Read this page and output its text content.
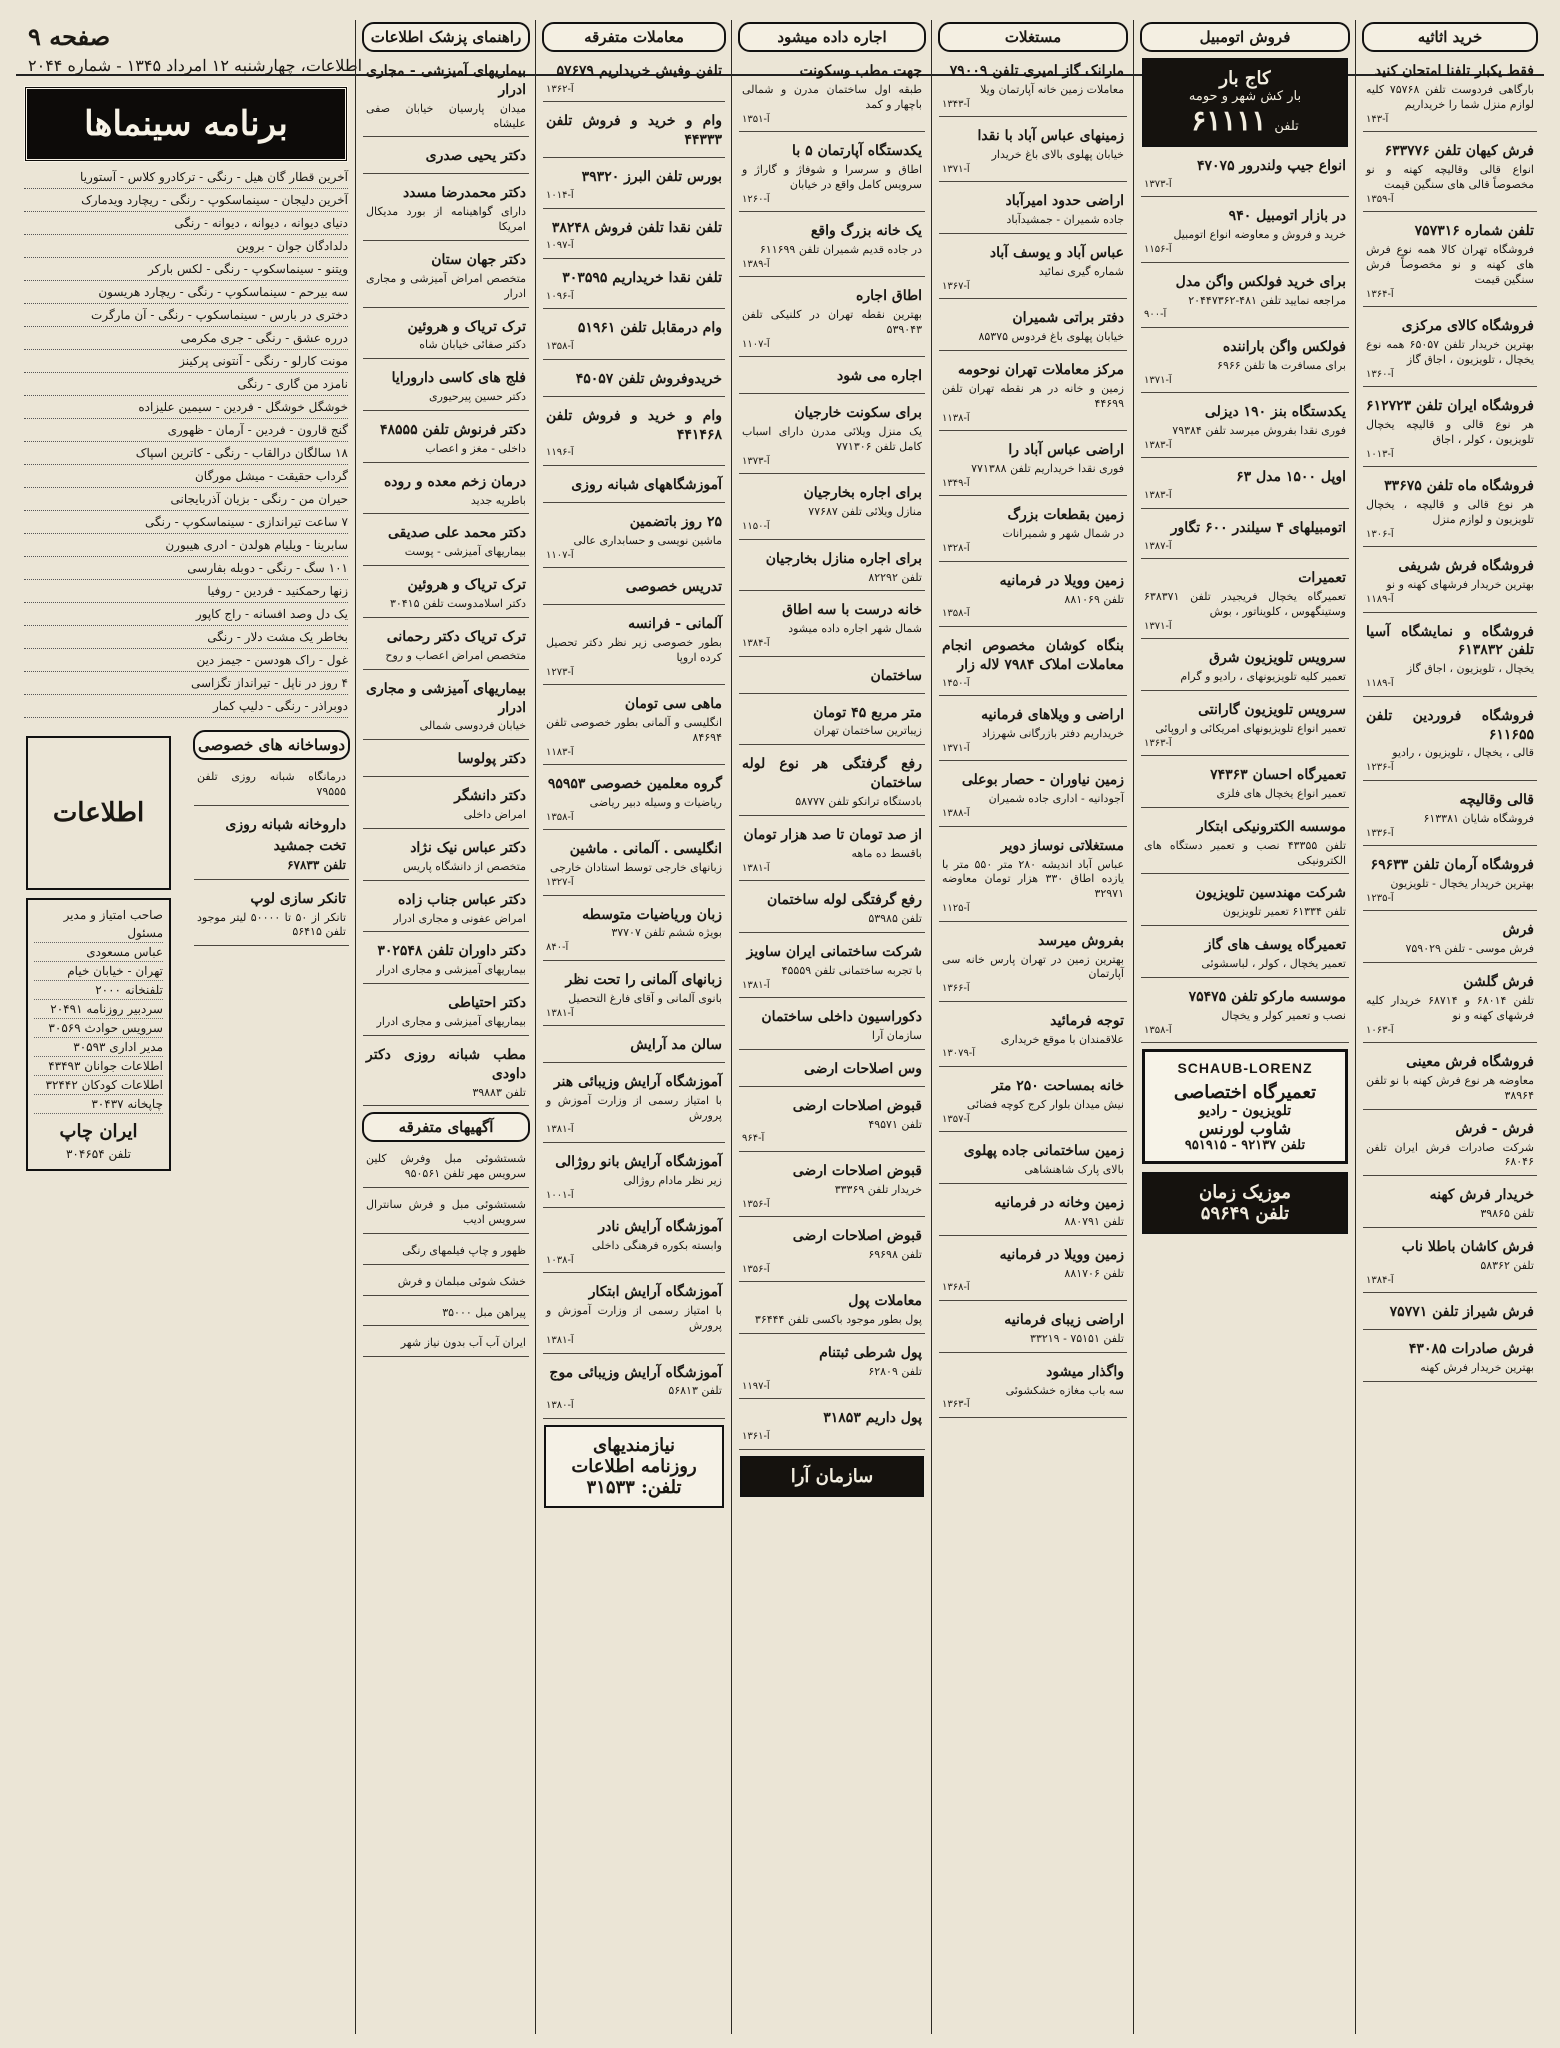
صفحه ۹
اطلاعات، چهارشنبه ۱۲ امرداد ۱۳۴۵ - شماره ۲۰۴۴
خرید اثاثیه
فقط یکبار تلفنا امتحان کنید
بارگاهی فردوست تلفن ۷۵۷۶۸ کلیه لوازم منزل شما را خریداریم
آ-۱۴۳
فرش کیهان تلفن ۶۳۳۷۷۶
انواع قالی وقالیچه کهنه و نو مخصوصاً قالی های سنگین قیمت
آ-۱۳۵۹
تلفن شماره ۷۵۷۳۱۶
فروشگاه تهران کالا همه نوع فرش های کهنه و نو مخصوصاً فرش سنگین قیمت
آ-۱۳۶۴
فروشگاه کالای مرکزی
بهترین خریدار تلفن ۶۵۰۵۷ همه نوع یخچال ، تلویزیون ، اجاق گاز
آ-۱۳۶۰
فروشگاه ایران تلفن ۶۱۲۷۲۳
هر نوع قالی و قالیچه یخچال تلویزیون ، کولر ، اجاق
آ-۱۰۱۳
فروشگاه ماه تلفن ۳۳۶۷۵
هر نوع قالی و قالیچه ، یخچال تلویزیون و لوازم منزل
آ-۱۳۰۶
فروشگاه فرش شریفی
بهترین خریدار فرشهای کهنه و نو
آ-۱۱۸۹
فروشگاه و نمایشگاه آسیا تلفن ۶۱۳۸۳۲
یخچال ، تلویزیون ، اجاق گاز
آ-۱۱۸۹
فروشگاه فروردین تلفن ۶۱۱۶۵۵
قالی ، یخچال ، تلویزیون ، رادیو
آ-۱۲۳۶
قالی وقالیچه
فروشگاه شایان ۶۱۳۳۸۱
آ-۱۳۳۶
فروشگاه آرمان تلفن ۶۹۶۳۳
بهترین خریدار یخچال - تلویزیون
آ-۱۲۳۵
فرش
فرش موسی - تلفن ۷۵۹۰۲۹
فرش گلشن
تلفن ۶۸۰۱۴ و ۶۸۷۱۴ خریدار کلیه فرشهای کهنه و نو
آ-۱۰۶۳
فروشگاه فرش معینی
معاوضه هر نوع فرش کهنه با نو تلفن ۳۸۹۶۴
فرش - فرش
شرکت صادرات فرش ایران تلفن ۶۸۰۴۶
خریدار فرش کهنه
تلفن ۳۹۸۶۵
فرش کاشان باطلا ناب
تلفن ۵۸۳۶۲
آ-۱۳۸۴
فرش شیراز تلفن ۷۵۷۷۱
فرش صادرات ۴۳۰۸۵
بهترین خریدار فرش کهنه
فروش اتومبیل
کاج بار
بار کش شهر و حومه
تلفن
۶۱۱۱۱
انواع جیپ ولندرور ۴۷۰۷۵
آ-۱۳۷۳
در بازار اتومبیل ۹۴۰
خرید و فروش و معاوضه انواع اتومبیل
آ-۱۱۵۶
برای خرید فولکس واگن مدل
مراجعه نمایید تلفن ۴۸۱-۲۰۴۴۷۳۶۲
آ-۹۰۰
فولکس واگن باراننده
برای مسافرت ها تلفن ۶۹۶۶
آ-۱۳۷۱
یکدستگاه بنز ۱۹۰ دیزلی
فوری نقدا بفروش میرسد تلفن ۷۹۳۸۴
آ-۱۳۸۳
اوپل ۱۵۰۰ مدل ۶۳
آ-۱۳۸۳
اتومبیلهای ۴ سیلندر ۶۰۰ تگاور
آ-۱۳۸۷
تعمیرات
تعمیرگاه یخچال فریجیدر تلفن ۶۳۸۳۷۱ وستینگهوس ، کلویناتور ، بوش
آ-۱۳۷۱
سرویس تلویزیون شرق
تعمیر کلیه تلویزیونهای ، رادیو و گرام
سرویس تلویزیون گارانتی
تعمیر انواع تلویزیونهای امریکائی و اروپائی
آ-۱۳۶۳
تعمیرگاه احسان ۷۴۳۶۳
تعمیر انواع یخچال های فلزی
موسسه الکترونیکی ابتکار
تلفن ۴۳۳۵۵ نصب و تعمیر دستگاه های الکترونیکی
شرکت مهندسین تلویزیون
تلفن ۶۱۳۳۴ تعمیر تلویزیون
تعمیرگاه یوسف های گاز
تعمیر یخچال ، کولر ، لباسشوئی
موسسه مارکو تلفن ۷۵۴۷۵
نصب و تعمیر کولر و یخچال
آ-۱۳۵۸
SCHAUB-LORENZ
تعمیرگاه اختصاصی
تلویزیون - رادیو
شاوب لورنس
تلفن ۹۲۱۳۷ - ۹۵۱۹۱۵
موزیک زمان
تلفن ۵۹۶۴۹
مستغلات
مارانک گاز امیری تلفن ۷۹۰۰۹
معاملات زمین خانه آپارتمان ویلا
آ-۱۳۴۳
زمینهای عباس آباد با نقدا
خیابان پهلوی بالای باغ خریدار
آ-۱۳۷۱
اراضی حدود امیرآباد
جاده شمیران - جمشیدآباد
عباس آباد و یوسف آباد
شماره گیری نمائید
آ-۱۳۶۷
دفتر براتی شمیران
خیابان پهلوی باغ فردوس ۸۵۳۷۵
مرکز معاملات تهران نوحومه
زمین و خانه در هر نقطه تهران تلفن ۴۴۶۹۹
آ-۱۱۳۸
اراضی عباس آباد را
فوری نقدا خریداریم تلفن ۷۷۱۳۸۸
آ-۱۳۴۹
زمین بقطعات بزرگ
در شمال شهر و شمیرانات
آ-۱۳۲۸
زمین وویلا در فرمانیه
تلفن ۸۸۱۰۶۹
آ-۱۳۵۸
بنگاه کوشان مخصوص انجام معاملات املاک ۷۹۸۴ لاله زار
آ-۱۴۵۰
اراضی و ویلاهای فرمانیه
خریداریم دفتر بازرگانی شهرزاد
آ-۱۳۷۱
زمین نیاوران - حصار بوعلی
آجودانیه - اداری جاده شمیران
آ-۱۳۸۸
مستغلاتی نوساز دویر
عباس آباد اندیشه ۲۸۰ متر ۵۵۰ متر با یازده اطاق ۳۳۰ هزار تومان معاوضه ۳۲۹۷۱
آ-۱۱۲۵
بفروش میرسد
بهترین زمین در تهران پارس خانه سی آپارتمان
آ-۱۳۶۶
توجه فرمائید
علاقمندان با موقع خریداری
آ-۱۳۰۷۹
خانه بمساحت ۲۵۰ متر
نیش میدان بلوار کرج کوچه فضائی
آ-۱۳۵۷
زمین ساختمانی جاده پهلوی
بالای پارک شاهنشاهی
زمین وخانه در فرمانیه
تلفن ۸۸۰۷۹۱
زمین وویلا در فرمانیه
تلفن ۸۸۱۷۰۶
آ-۱۳۶۸
اراضی زیبای فرمانیه
تلفن ۷۵۱۵۱ - ۳۳۲۱۹
واگذار میشود
سه باب مغازه خشکشوئی
آ-۱۳۶۳
اجاره داده میشود
جهت مطب وسکونت
طبقه اول ساختمان مدرن و شمالی باچهار و کمد
آ-۱۳۵۱
یکدستگاه آپارتمان ۵ با
اطاق و سرسرا و شوفاژ و گاراژ و سرویس کامل واقع در خیابان
آ-۱۲۶۰
یک خانه بزرگ واقع
در جاده قدیم شمیران تلفن ۶۱۱۶۹۹
آ-۱۳۸۹
اطاق اجاره
بهترین نقطه تهران در کلنیکی تلفن ۵۳۹۰۴۳
آ-۱۱۰۷
اجاره می شود
برای سکونت خارجیان
یک منزل ویلائی مدرن دارای اسباب کامل تلفن ۷۷۱۳۰۶
آ-۱۳۷۳
برای اجاره بخارجیان
منازل ویلائی تلفن ۷۷۶۸۷
آ-۱۱۵۰
برای اجاره منازل بخارجیان
تلفن ۸۲۲۹۲
خانه درست با سه اطاق
شمال شهر اجاره داده میشود
آ-۱۳۸۴
ساختمان
متر مربع ۴۵ تومان
زیباترین ساختمان تهران
رفع گرفتگی هر نوع لوله ساختمان
بادستگاه ترانکو تلفن ۵۸۷۷۷
از صد تومان تا صد هزار تومان
باقسط ده ماهه
آ-۱۳۸۱
رفع گرفتگی لوله ساختمان
تلفن ۵۳۹۸۵
شرکت ساختمانی ایران ساویز
با تجربه ساختمانی تلفن ۴۵۵۵۹
آ-۱۳۸۱
دکوراسیون داخلی ساختمان
سازمان آرا
وس اصلاحات ارضی
قبوض اصلاحات ارضی
تلفن ۴۹۵۷۱
آ-۹۶۴
قبوض اصلاحات ارضی
خریدار تلفن ۳۳۳۶۹
آ-۱۳۵۶
قبوض اصلاحات ارضی
تلفن ۶۹۶۹۸
آ-۱۳۵۶
معاملات پول
پول بطور موجود باکسی تلفن ۳۶۴۴۴
پول شرطی ثبتنام
تلفن ۶۲۸۰۹
آ-۱۱۹۷
پول داریم ۳۱۸۵۳
آ-۱۳۶۱
سازمان آرا
معاملات متفرقه
تلفن وفیش خریداریم ۵۷۶۷۹
آ-۱۳۶۲
وام و خرید و فروش تلفن ۴۴۳۳۳
بورس تلفن البرز ۳۹۳۲۰
آ-۱۰۱۴
تلفن نقدا تلفن فروش ۳۸۲۴۸
آ-۱۰۹۷
تلفن نقدا خریداریم ۳۰۳۵۹۵
آ-۱۰۹۶
وام درمقابل تلفن ۵۱۹۶۱
آ-۱۳۵۸
خریدوفروش تلفن ۴۵۰۵۷
وام و خرید و فروش تلفن ۴۴۱۴۶۸
آ-۱۱۹۶
آموزشگاههای شبانه روزی
۲۵ روز باتضمین
ماشین نویسی و حسابداری عالی
آ-۱۱۰۷
تدریس خصوصی
آلمانی - فرانسه
بطور خصوصی زیر نظر دکتر تحصیل کرده اروپا
آ-۱۲۷۳
ماهی سی تومان
انگلیسی و آلمانی بطور خصوصی تلفن ۸۴۶۹۴
آ-۱۱۸۳
گروه معلمین خصوصی ۹۵۹۵۳
ریاضیات و وسیله دبیر ریاضی
آ-۱۳۵۸
انگلیسی . آلمانی . ماشین
زبانهای خارجی توسط استادان خارجی
آ-۱۳۲۷
زبان وریاضیات متوسطه
بویژه ششم تلفن ۳۷۷۰۷
آ-۸۴۰
زبانهای آلمانی را تحت نظر
بانوی آلمانی و آقای فارغ التحصیل
آ-۱۳۸۱
سالن مد آرایش
آموزشگاه آرایش وزیبائی هنر
با امتیاز رسمی از وزارت آموزش و پرورش
آ-۱۳۸۱
آموزشگاه آرایش بانو روژالی
زیر نظر مادام روژالی
آ-۱۰۰۱
آموزشگاه آرایش نادر
وابسته بکوره فرهنگی داخلی
آ-۱۰۳۸
آموزشگاه آرایش ابتکار
با امتیاز رسمی از وزارت آموزش و پرورش
آ-۱۳۸۱
آموزشگاه آرایش وزیبائی موج
تلفن ۵۶۸۱۳
آ-۱۳۸۰
نیازمندیهای
روزنامه اطلاعات
تلفن: ۳۱۵۳۳
راهنمای پزشک اطلاعات
بیماریهای آمیزشی - مجاری ادرار
میدان پارسیان خیابان صفی علیشاه
دکتر یحیی صدری
دکتر محمدرضا مسدد
دارای گواهینامه از بورد مدیکال امریکا
دکتر جهان ستان
متخصص امراض آمیزشی و مجاری ادرار
ترک تریاک و هروئین
دکتر صفائی خیابان شاه
فلج های کاسی دارورایا
دکتر حسین پیرحیوری
دکتر فرنوش تلفن ۴۸۵۵۵
داخلی - مغز و اعصاب
درمان زخم معده و روده
باطریه جدید
دکتر محمد علی صدیقی
بیماریهای آمیزشی - پوست
ترک تریاک و هروئین
دکتر اسلامدوست تلفن ۳۰۴۱۵
ترک تریاک دکتر رحمانی
متخصص امراض اعصاب و روح
بیماریهای آمیزشی و مجاری ادرار
خیابان فردوسی شمالی
دکتر پولوسا
دکتر دانشگر
امراض داخلی
دکتر عباس نیک نژاد
متخصص از دانشگاه پاریس
دکتر عباس جناب زاده
امراض عفونی و مجاری ادرار
دکتر داوران تلفن ۳۰۲۵۴۸
بیماریهای آمیزشی و مجاری ادرار
دکتر احتیاطی
بیماریهای آمیزشی و مجاری ادرار
مطب شبانه روزی دکتر داودی
تلفن ۳۹۸۸۳
آگهیهای متفرقه
شستشوئی مبل وفرش کلین سرویس مهر تلفن ۹۵۰۵۶۱
شستشوئی مبل و فرش سانترال سرویس ادیب
ظهور و چاپ فیلمهای رنگی
خشک شوئی مبلمان و فرش
پیراهن مبل ۳۵۰۰۰
ایران آب آب بدون نیاز شهر
برنامه سینماها
آخرین قطار گان هیل - رنگی - ترکادرو کلاس - آستوریا
آخرین دلیجان - سینماسکوپ - رنگی - ریچارد ویدمارک
دنیای دیوانه ، دیوانه ، دیوانه - رنگی
دلدادگان جوان - بروین
ویتنو - سینماسکوپ - رنگی - لکس بارکر
سه بیرحم - سینماسکوپ - رنگی - ریچارد هریسون
دختری در بارس - سینماسکوپ - رنگی - آن مارگرت
درره عشق - رنگی - جری مکرمی
مونت کارلو - رنگی - آنتونی پرکینز
نامزد من گاری - رنگی
خوشگل خوشگل - فردین - سیمین علیزاده
گنج قارون - فردین - آرمان - ظهوری
۱۸ سالگان درالقاب - رنگی - کاترین اسپاک
گرداب حقیقت - میشل مورگان
حیران من - رنگی - بزیان آذربایجانی
۷ ساعت تیراندازی - سینماسکوپ - رنگی
سابرینا - ویلیام هولدن - ادری هیبورن
۱۰۱ سگ - رنگی - دوبله بفارسی
زنها رحمکنید - فردین - روفیا
یک دل وصد افسانه - راج کاپور
بخاطر یک مشت دلار - رنگی
غول - راک هودسن - جیمز دین
۴ روز در ناپل - تیرانداز تگزاسی
دوبراذر - رنگی - دلیپ کمار
دوساخانه های خصوصی
درمانگاه شبانه روزی تلفن ۷۹۵۵۵
داروخانه شبانه روزی
تخت جمشید
تلفن ۶۷۸۳۳
تانکر سازی لوپ
تانکر از ۵۰ تا ۵۰۰۰۰ لیتر موجود تلفن ۵۶۴۱۵
اطلاعات
صاحب امتیاز و مدیر مسئول
عباس مسعودی
تهران - خیابان خیام
تلفنخانه ۲۰۰۰
سردبیر روزنامه ۲۰۴۹۱
سرویس حوادث ۳۰۵۶۹
مدیر اداری ۳۰۵۹۳
اطلاعات جوانان ۴۳۴۹۳
اطلاعات کودکان ۳۲۴۴۲
چاپخانه ۳۰۴۳۷
ایران چاپ
تلفن ۳۰۴۶۵۴
